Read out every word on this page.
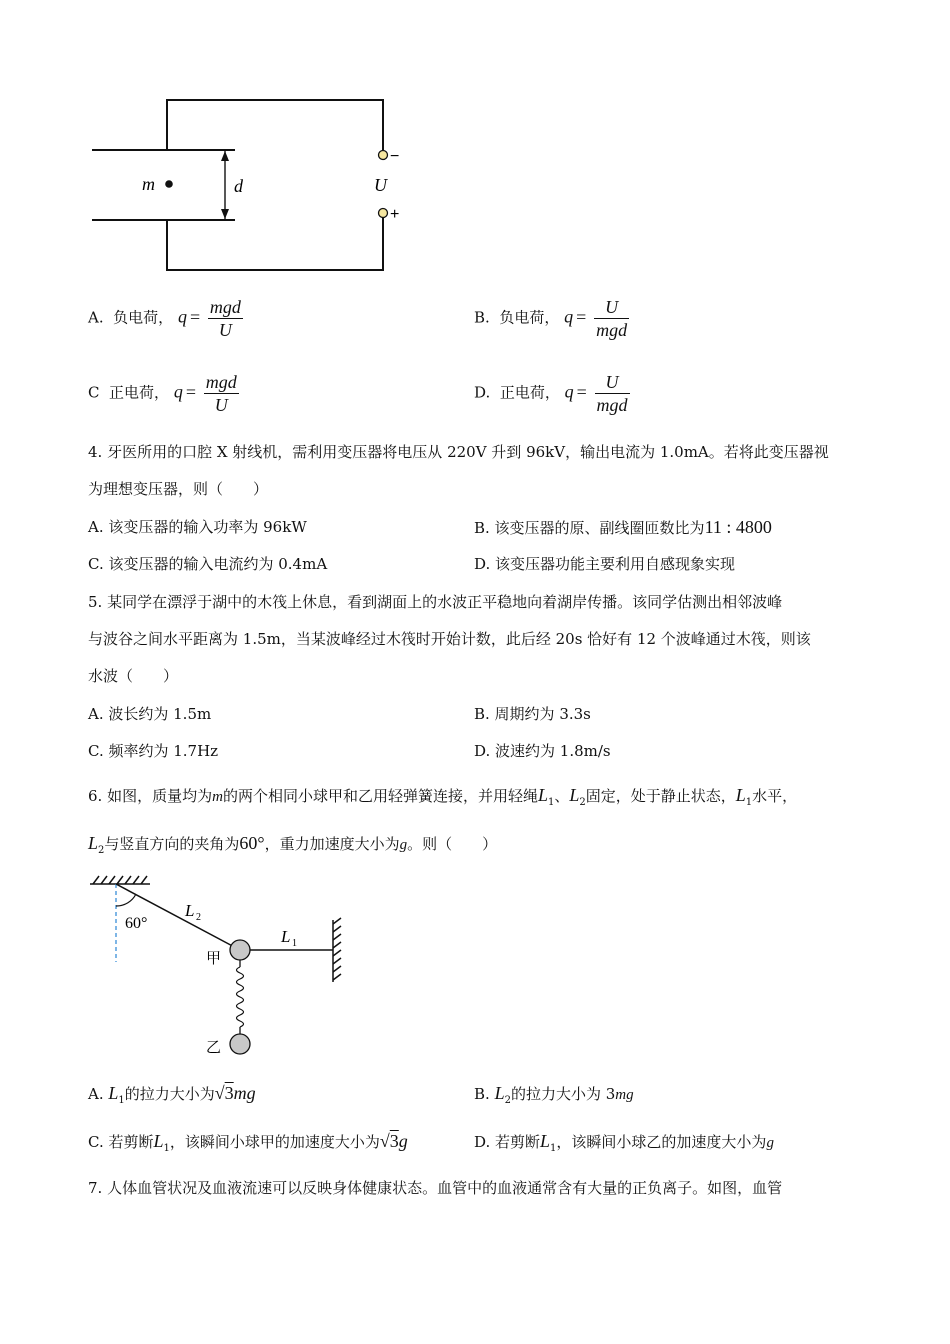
m	d	U
−
+
A. 负电荷， $q = \frac{\text{mgd}}{U}$	B. 负电荷， $q = \frac{U}{\text{mgd}}$
C 正电荷， $q = \frac{\text{mgd}}{U}$	D. 正电荷， $q = \frac{U}{\text{mgd}}$
4. 牙医所用的口腔 X 射线机，需利用变压器将电压从 220V 升到 96kV，输出电流为 1.0mA。若将此变压器视
为理想变压器，则（　　）
A. 该变压器的输入功率为 96kW	B. 该变压器的原、副线圈匝数比为11 : 4800
C. 该变压器的输入电流约为 0.4mA	D. 该变压器功能主要利用自感现象实现
5. 某同学在漂浮于湖中的木筏上休息，看到湖面上的水波正平稳地向着湖岸传播。该同学估测出相邻波峰
与波谷之间水平距离为 1.5m，当某波峰经过木筏时开始计数，此后经 20s 恰好有 12 个波峰通过木筏，则该
水波（　　）
A. 波长约为 1.5m	B. 周期约为 3.3s
C. 频率约为 1.7Hz	D. 波速约为 1.8m/s
6. 如图，质量均为m的两个相同小球甲和乙用轻弹簧连接，并用轻绳$L_1$、$L_2$固定，处于静止状态，$L_1$水平，
$L_2$与竖直方向的夹角为60°，重力加速度大小为g。则（　　）
60°
L 2
L 1
甲
乙
A. $L_1$的拉力大小为√3mg	B. $L_2$的拉力大小为 3mg
C. 若剪断$L_1$，该瞬间小球甲的加速度大小为√3g	D. 若剪断$L_1$，该瞬间小球乙的加速度大小为g
7. 人体血管状况及血液流速可以反映身体健康状态。血管中的血液通常含有大量的正负离子。如图，血管
